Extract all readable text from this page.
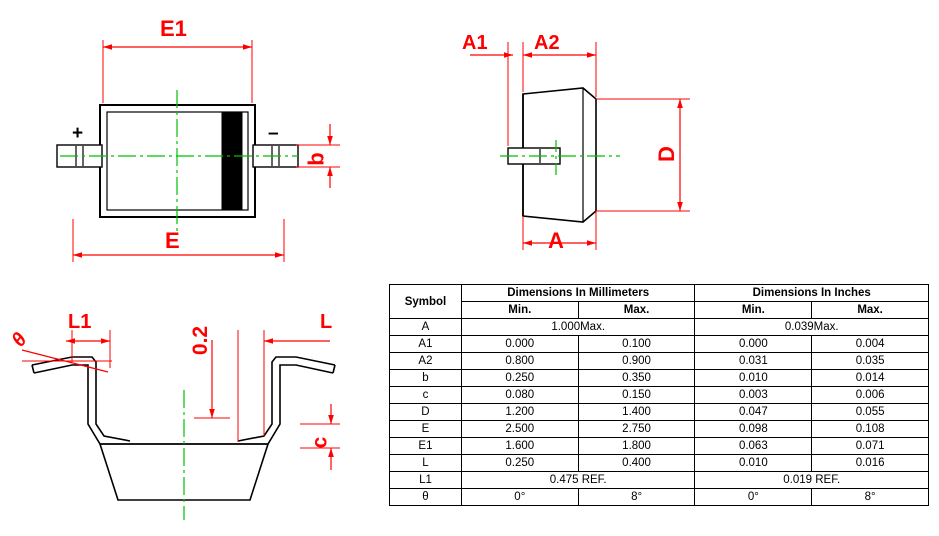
E1
E
b
+	–
A1 A2
D
A
θ
L1
0.2
L
c
Symbol	Dimensions In Millimeters		Dimensions In Inches	
	Min.	Max.	Min.	Max.
A	1.000Max.		0.039Max.	
A1	0.000	0.100	0.000	0.004
A2	0.800	0.900	0.031	0.035
b	0.250	0.350	0.010	0.014
c	0.080	0.150	0.003	0.006
D	1.200	1.400	0.047	0.055
E	2.500	2.750	0.098	0.108
E1	1.600	1.800	0.063	0.071
L	0.250	0.400	0.010	0.016
L1	0.475 REF.		0.019 REF.	
θ	0°	8°	0°	8°
